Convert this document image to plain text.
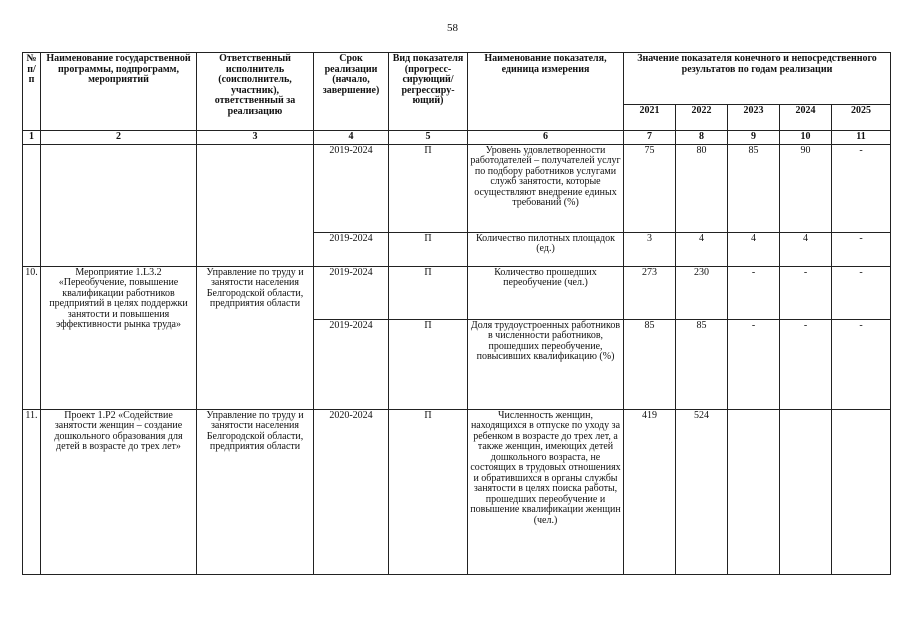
58
№ п/п	Наименование государственной программы, подпрограмм, мероприятий	Ответственный исполнитель (соисполнитель, участник), ответственный за реализацию	Срок реализации (начало, завершение)	Вид показателя (прогресс-сирующий/ регрессиру-ющий)	Наименование показателя, единица измерения	Значение показателя конечного и непосредственного результатов по годам реализации				
						2021	2022	2023	2024	2025
1	2	3	4	5	6	7	8	9	10	11
			2019-2024	П	Уровень удовлетворенности работодателей – получателей услуг по подбору работников услугами служб занятости, которые осуществляют внедрение единых требований (%)	75	80	85	90	-
			2019-2024	П	Количество пилотных площадок (ед.)	3	4	4	4	-
10.	Мероприятие 1.L3.2 «Переобучение, повышение квалификации работников предприятий в целях поддержки занятости и повышения эффективности рынка труда»	Управление по труду и занятости населения Белгородской области, предприятия области	2019-2024	П	Количество прошедших переобучение (чел.)	273	230	-	-	-
			2019-2024	П	Доля трудоустроенных работников в численности работников, прошедших переобучение, повысивших квалификацию (%)	85	85	-	-	-
11.	Проект 1.Р2 «Содействие занятости женщин – создание дошкольного образования для детей в возрасте до трех лет»	Управление по труду и занятости населения Белгородской области, предприятия области	2020-2024	П	Численность женщин, находящихся в отпуске по уходу за ребенком в возрасте до трех лет, а также женщин, имеющих детей дошкольного возраста, не состоящих в трудовых отношениях и обратившихся в органы службы занятости в целях поиска работы, прошедших переобучение и повышение квалификации женщин (чел.)	419	524			
